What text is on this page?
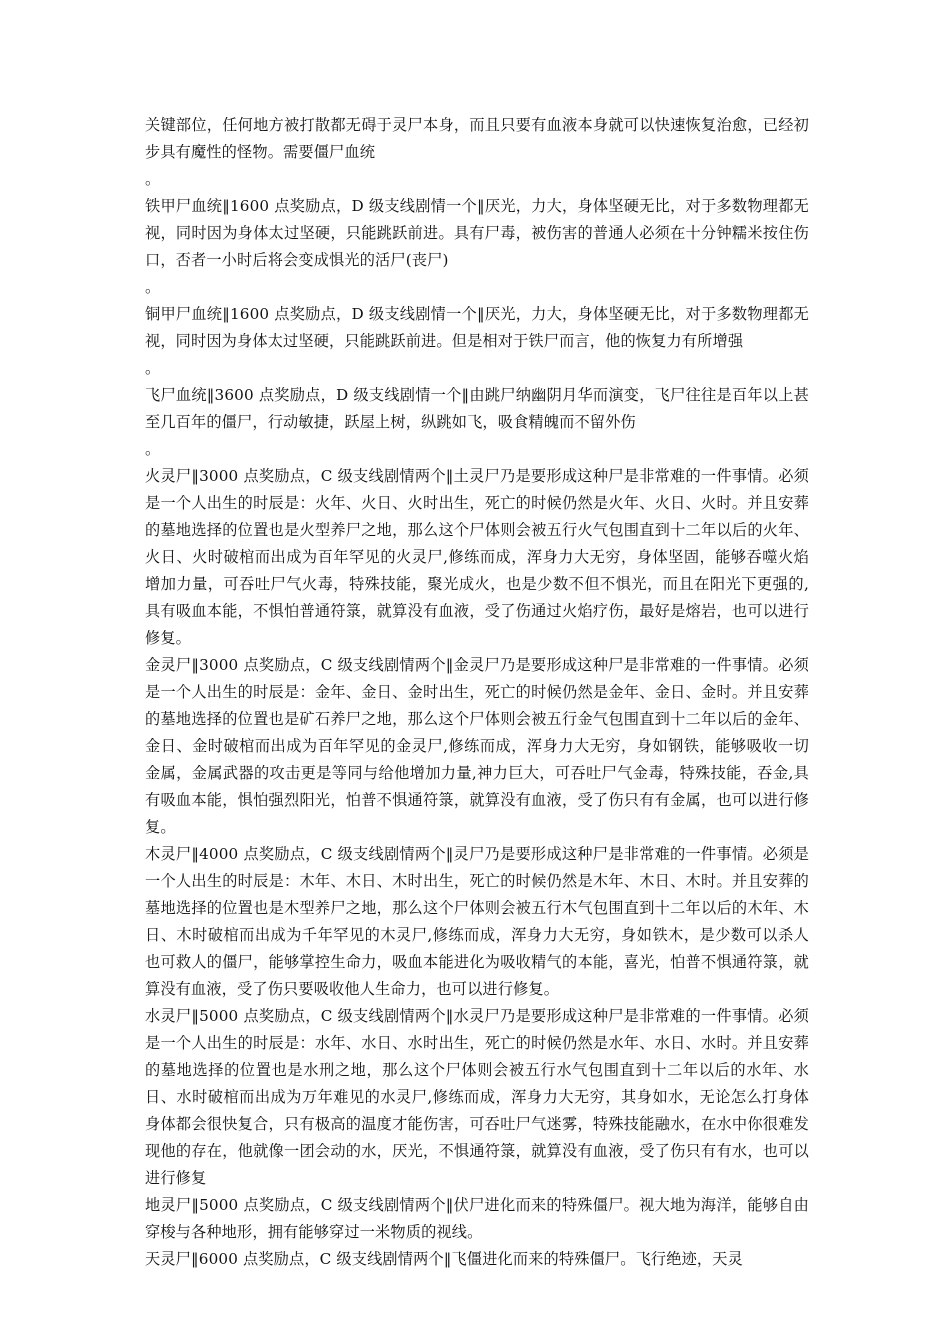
关键部位，任何地方被打散都无碍于灵尸本身，而且只要有血液本身就可以快速恢复治愈，已经初步具有魔性的怪物。需要僵尸血统

。

铁甲尸血统‖1600 点奖励点，D 级支线剧情一个‖厌光，力大，身体坚硬无比，对于多数物理都无视，同时因为身体太过坚硬，只能跳跃前进。具有尸毒，被伤害的普通人必须在十分钟糯米按住伤口，否者一小时后将会变成惧光的活尸(丧尸)

。

铜甲尸血统‖1600 点奖励点，D 级支线剧情一个‖厌光，力大，身体坚硬无比，对于多数物理都无视，同时因为身体太过坚硬，只能跳跃前进。但是相对于铁尸而言，他的恢复力有所增强

。

飞尸血统‖3600 点奖励点，D 级支线剧情一个‖由跳尸纳幽阴月华而演变，飞尸往往是百年以上甚至几百年的僵尸，行动敏捷，跃屋上树，纵跳如飞，吸食精魄而不留外伤

。

火灵尸‖3000 点奖励点，C 级支线剧情两个‖土灵尸乃是要形成这种尸是非常难的一件事情。必须是一个人出生的时辰是：火年、火日、火时出生，死亡的时候仍然是火年、火日、火时。并且安葬的墓地选择的位置也是火型养尸之地，那么这个尸体则会被五行火气包围直到十二年以后的火年、火日、火时破棺而出成为百年罕见的火灵尸,修练而成，浑身力大无穷，身体坚固，能够吞噬火焰增加力量，可吞吐尸气火毒，特殊技能，聚光成火，也是少数不但不惧光，而且在阳光下更强的,具有吸血本能，不惧怕普通符箓，就算没有血液，受了伤通过火焰疗伤，最好是熔岩，也可以进行修复。

金灵尸‖3000 点奖励点，C 级支线剧情两个‖金灵尸乃是要形成这种尸是非常难的一件事情。必须是一个人出生的时辰是：金年、金日、金时出生，死亡的时候仍然是金年、金日、金时。并且安葬的墓地选择的位置也是矿石养尸之地，那么这个尸体则会被五行金气包围直到十二年以后的金年、金日、金时破棺而出成为百年罕见的金灵尸,修练而成，浑身力大无穷，身如钢铁，能够吸收一切金属，金属武器的攻击更是等同与给他增加力量,神力巨大，可吞吐尸气金毒，特殊技能，吞金,具有吸血本能，惧怕强烈阳光，怕普不惧通符箓，就算没有血液，受了伤只有有金属，也可以进行修复。

木灵尸‖4000 点奖励点，C 级支线剧情两个‖灵尸乃是要形成这种尸是非常难的一件事情。必须是一个人出生的时辰是：木年、木日、木时出生，死亡的时候仍然是木年、木日、木时。并且安葬的墓地选择的位置也是木型养尸之地，那么这个尸体则会被五行木气包围直到十二年以后的木年、木日、木时破棺而出成为千年罕见的木灵尸,修练而成，浑身力大无穷，身如铁木，是少数可以杀人也可救人的僵尸，能够掌控生命力，吸血本能进化为吸收精气的本能，喜光，怕普不惧通符箓，就算没有血液，受了伤只要吸收他人生命力，也可以进行修复。

水灵尸‖5000 点奖励点，C 级支线剧情两个‖水灵尸乃是要形成这种尸是非常难的一件事情。必须是一个人出生的时辰是：水年、水日、水时出生，死亡的时候仍然是水年、水日、水时。并且安葬的墓地选择的位置也是水刑之地，那么这个尸体则会被五行水气包围直到十二年以后的水年、水日、水时破棺而出成为万年难见的水灵尸,修练而成，浑身力大无穷，其身如水，无论怎么打身体身体都会很快复合，只有极高的温度才能伤害，可吞吐尸气迷雾，特殊技能融水，在水中你很难发现他的存在，他就像一团会动的水，厌光，不惧通符箓，就算没有血液，受了伤只有有水，也可以进行修复

地灵尸‖5000 点奖励点，C 级支线剧情两个‖伏尸进化而来的特殊僵尸。视大地为海洋，能够自由穿梭与各种地形，拥有能够穿过一米物质的视线。

天灵尸‖6000 点奖励点，C 级支线剧情两个‖飞僵进化而来的特殊僵尸。飞行绝迹，天灵
